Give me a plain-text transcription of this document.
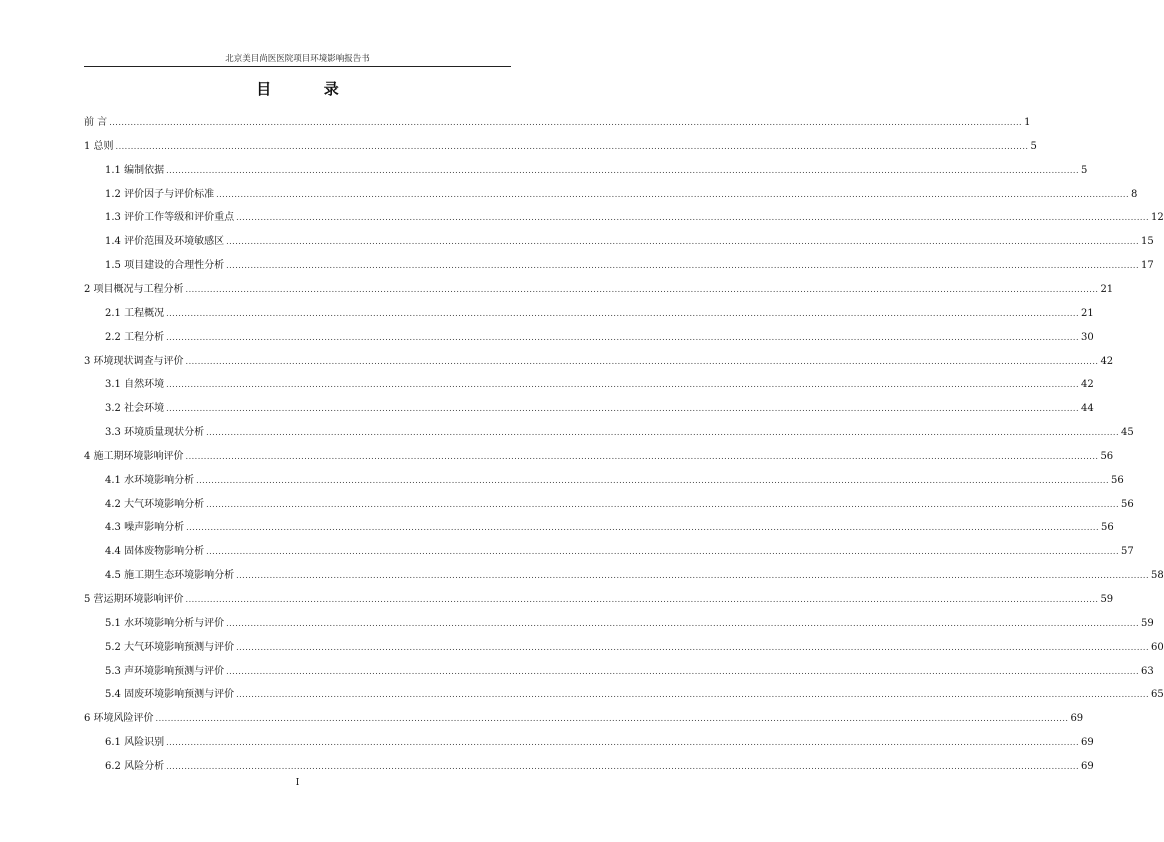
北京美目尚医医院项目环境影响报告书
目	录
I
前 言 ............................................................................................................................................................................................................................................................................................................ 1
1 总则 ............................................................................................................................................................................................................................................................................................................ 5
1.1 编制依据 ............................................................................................................................................................................................................................................................................................................ 5
1.2 评价因子与评价标准 ............................................................................................................................................................................................................................................................................................................ 8
1.3 评价工作等级和评价重点 ............................................................................................................................................................................................................................................................................................................ 12
1.4 评价范围及环境敏感区 ............................................................................................................................................................................................................................................................................................................ 15
1.5 项目建设的合理性分析 ............................................................................................................................................................................................................................................................................................................ 17
2 项目概况与工程分析 ............................................................................................................................................................................................................................................................................................................ 21
2.1 工程概况 ............................................................................................................................................................................................................................................................................................................ 21
2.2 工程分析 ............................................................................................................................................................................................................................................................................................................ 30
3 环境现状调查与评价 ............................................................................................................................................................................................................................................................................................................ 42
3.1 自然环境 ............................................................................................................................................................................................................................................................................................................ 42
3.2 社会环境 ............................................................................................................................................................................................................................................................................................................ 44
3.3 环境质量现状分析 ............................................................................................................................................................................................................................................................................................................ 45
4 施工期环境影响评价 ............................................................................................................................................................................................................................................................................................................ 56
4.1 水环境影响分析 ............................................................................................................................................................................................................................................................................................................ 56
4.2 大气环境影响分析 ............................................................................................................................................................................................................................................................................................................ 56
4.3 噪声影响分析 ............................................................................................................................................................................................................................................................................................................ 56
4.4 固体废物影响分析 ............................................................................................................................................................................................................................................................................................................ 57
4.5 施工期生态环境影响分析 ............................................................................................................................................................................................................................................................................................................ 58
5 营运期环境影响评价 ............................................................................................................................................................................................................................................................................................................ 59
5.1 水环境影响分析与评价 ............................................................................................................................................................................................................................................................................................................ 59
5.2 大气环境影响预测与评价 ............................................................................................................................................................................................................................................................................................................ 60
5.3 声环境影响预测与评价 ............................................................................................................................................................................................................................................................................................................ 63
5.4 固废环境影响预测与评价 ............................................................................................................................................................................................................................................................................................................ 65
6 环境风险评价 ............................................................................................................................................................................................................................................................................................................ 69
6.1 风险识别 ............................................................................................................................................................................................................................................................................................................ 69
6.2 风险分析 ............................................................................................................................................................................................................................................................................................................ 69
